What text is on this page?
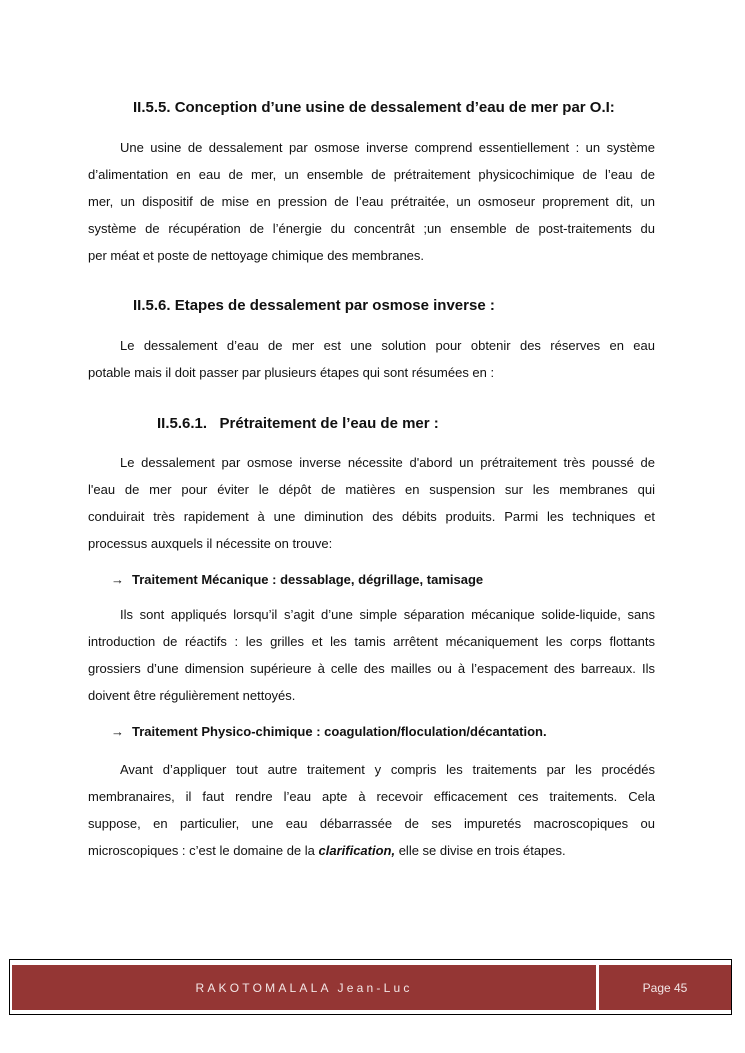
II.5.5. Conception d’une usine de dessalement d’eau de mer par O.I:
Une usine de dessalement par osmose inverse comprend essentiellement : un système
d’alimentation en eau de mer, un ensemble de prétraitement physicochimique de l’eau de
mer, un dispositif de mise en pression de l’eau prétraitée, un osmoseur proprement dit, un
système de récupération de l’énergie du concentrât ;un ensemble de post-traitements du
per méat et poste de nettoyage chimique des membranes.
II.5.6. Etapes de dessalement par osmose inverse :
Le dessalement d’eau de mer est une solution pour obtenir des réserves en eau
potable mais il doit passer par plusieurs étapes qui sont résumées en :
II.5.6.1.   Prétraitement de l’eau de mer :
Le dessalement par osmose inverse nécessite d'abord un prétraitement très poussé de
l'eau de mer pour éviter le dépôt de matières en suspension sur les membranes qui
conduirait très rapidement à une diminution des débits produits. Parmi les techniques et
processus auxquels il nécessite on trouve:
→ Traitement Mécanique : dessablage, dégrillage, tamisage
Ils sont appliqués lorsqu’il s’agit d’une simple séparation mécanique solide-liquide, sans
introduction de réactifs : les grilles et les tamis arrêtent mécaniquement les corps flottants
grossiers d’une dimension supérieure à celle des mailles ou à l’espacement des barreaux. Ils
doivent être régulièrement nettoyés.
→ Traitement Physico-chimique : coagulation/floculation/décantation.
Avant d’appliquer tout autre traitement y compris les traitements par les procédés
membranaires, il faut rendre l’eau apte à recevoir efficacement ces traitements. Cela
suppose, en particulier, une eau débarrassée de ses impuretés macroscopiques ou
microscopiques : c’est le domaine de la clarification, elle se divise en trois étapes.
RAKOTOMALALA Jean-Luc	Page 45
